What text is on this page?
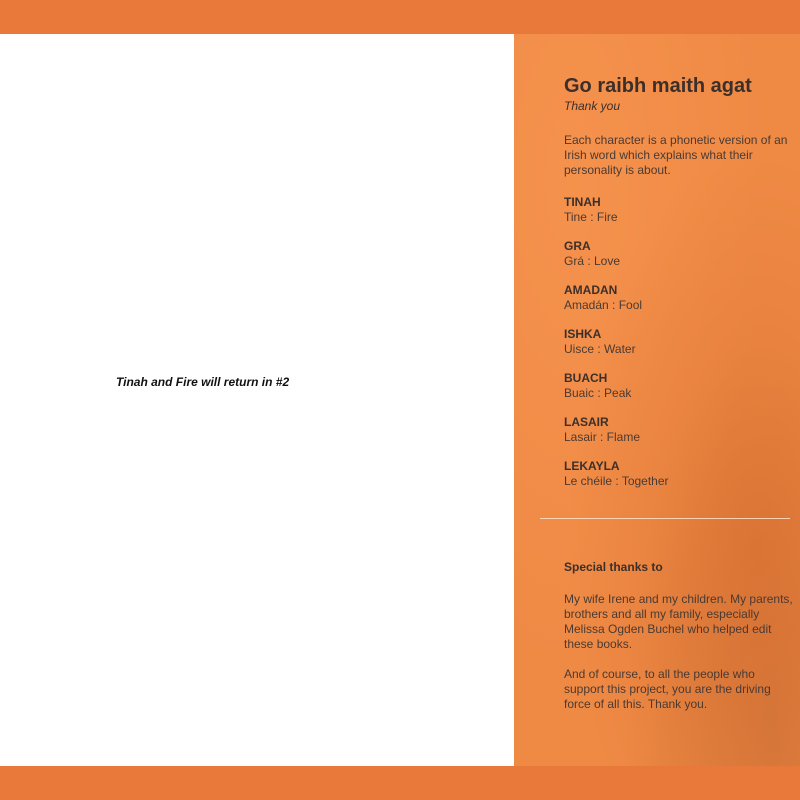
Tinah and Fire will return in #2
Go raibh maith agat
Thank you
Each character is a phonetic version of an Irish word which explains what their personality is about.
TINAH
Tine : Fire
GRA
Grá : Love
AMADAN
Amadán : Fool
ISHKA
Uisce : Water
BUACH
Buaic : Peak
LASAIR
Lasair : Flame
LEKAYLA
Le chéile : Together
Special thanks to
My wife Irene and my children. My parents, brothers and all my family, especially Melissa Ogden Buchel who helped edit these books.
And of course, to all the people who support this project, you are the driving force of all this. Thank you.
